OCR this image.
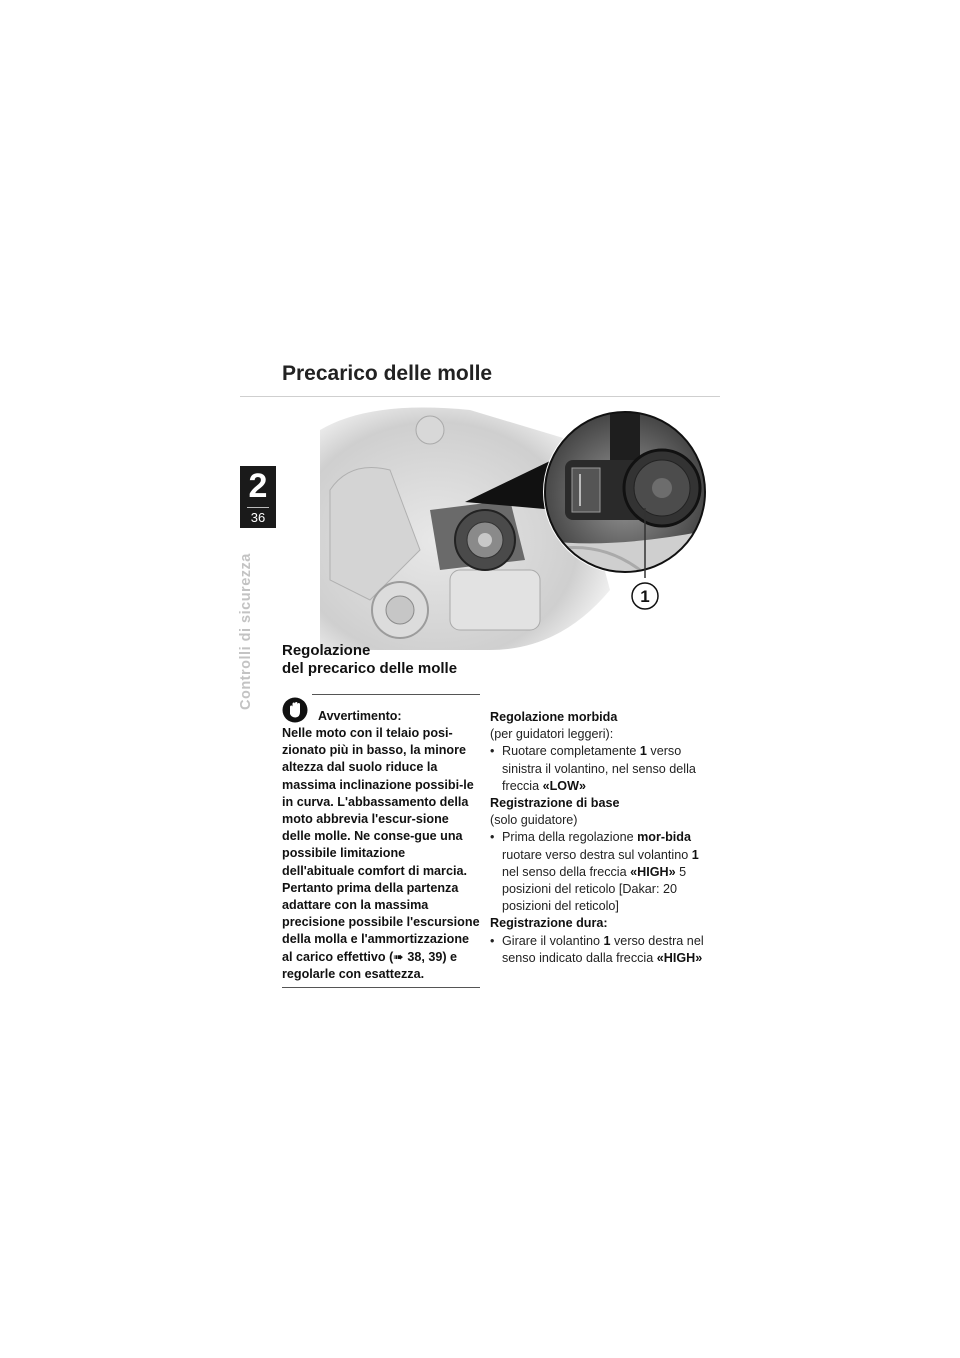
2
36
Controlli di sicurezza
Precarico delle molle
1
Regolazione
del precarico delle molle
Avvertimento:
Nelle moto con il telaio posi-zionato più in basso, la minore altezza dal suolo riduce la massima inclinazione possibi-le in curva. L'abbassamento della moto abbrevia l'escur-sione delle molle. Ne conse-gue una possibile limitazione dell'abituale comfort di marcia. Pertanto prima della partenza adattare con la massima precisione possibile l'escursione della molla e l'ammortizzazione al carico effettivo (➠ 38, 39) e regolarle con esattezza.

Regolazione morbida

(per guidatori leggeri):

• Ruotare completamente 1 verso sinistra il volantino, nel senso della freccia «LOW»

Registrazione di base

(solo guidatore)

• Prima della regolazione mor-bida ruotare verso destra sul volantino 1 nel senso della freccia «HIGH» 5 posizioni del reticolo [Dakar: 20 posizioni del reticolo]

Registrazione dura:

• Girare il volantino 1 verso destra nel senso indicato dalla freccia «HIGH»
